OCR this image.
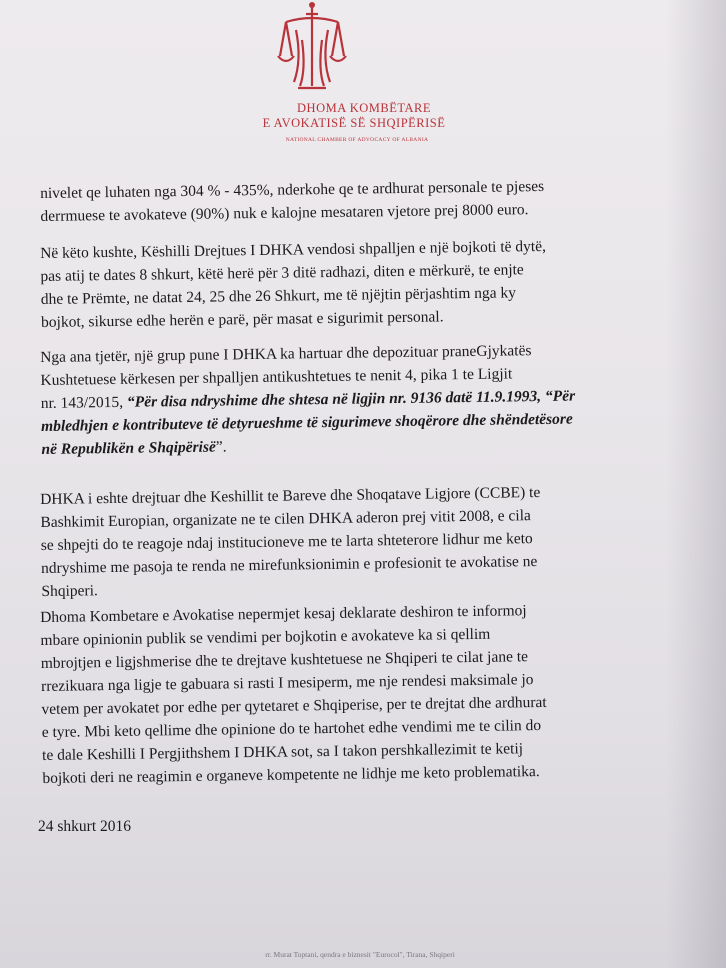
DHOMA KOMBËTARE
E AVOKATISË SË SHQIPËRISË
NATIONAL CHAMBER OF ADVOCACY OF ALBANIA
nivelet qe luhaten nga 304 % - 435%, nderkohe qe te ardhurat personale te pjeses
derrmuese te avokateve (90%) nuk e kalojne mesataren vjetore prej 8000 euro.
Në këto kushte, Këshilli Drejtues I DHKA vendosi shpalljen e një bojkoti të dytë,
pas atij te dates 8 shkurt, këtë herë për 3 ditë radhazi, diten e mërkurë, te enjte
dhe te Prëmte, ne datat 24, 25 dhe 26 Shkurt, me të njëjtin përjashtim nga ky
bojkot, sikurse edhe herën e parë, për masat e sigurimit personal.
Nga ana tjetër, një grup pune I DHKA ka hartuar dhe depozituar praneGjykatës
Kushtetuese kërkesen per shpalljen antikushtetues te nenit 4, pika 1 te Ligjit
nr. 143/2015, “Për disa ndryshime dhe shtesa në ligjin nr. 9136 datë 11.9.1993, “Për
mbledhjen e kontributeve të detyrueshme të sigurimeve shoqërore dhe shëndetësore
në Republikën e Shqipërisë”.
DHKA i eshte drejtuar dhe Keshillit te Bareve dhe Shoqatave Ligjore (CCBE) te
Bashkimit Europian, organizate ne te cilen DHKA aderon prej vitit 2008, e cila
se shpejti do te reagoje ndaj institucioneve me te larta shteterore lidhur me keto
ndryshime me pasoja te renda ne mirefunksionimin e profesionit te avokatise ne
Shqiperi.
Dhoma Kombetare e Avokatise nepermjet kesaj deklarate deshiron te informoj
mbare opinionin publik se vendimi per bojkotin e avokateve ka si qellim
mbrojtjen e ligjshmerise dhe te drejtave kushtetuese ne Shqiperi te cilat jane te
rrezikuara nga ligje te gabuara si rasti I mesiperm, me nje rendesi maksimale jo
vetem per avokatet por edhe per qytetaret e Shqiperise, per te drejtat dhe ardhurat
e tyre. Mbi keto qellime dhe opinione do te hartohet edhe vendimi me te cilin do
te dale Keshilli I Pergjithshem I DHKA sot, sa I takon pershkallezimit te ketij
bojkoti deri ne reagimin e organeve kompetente ne lidhje me keto problematika.
24 shkurt 2016
rr. Murat Toptani, qendra e biznesit "Eurocol", Tirana, Shqiperi
